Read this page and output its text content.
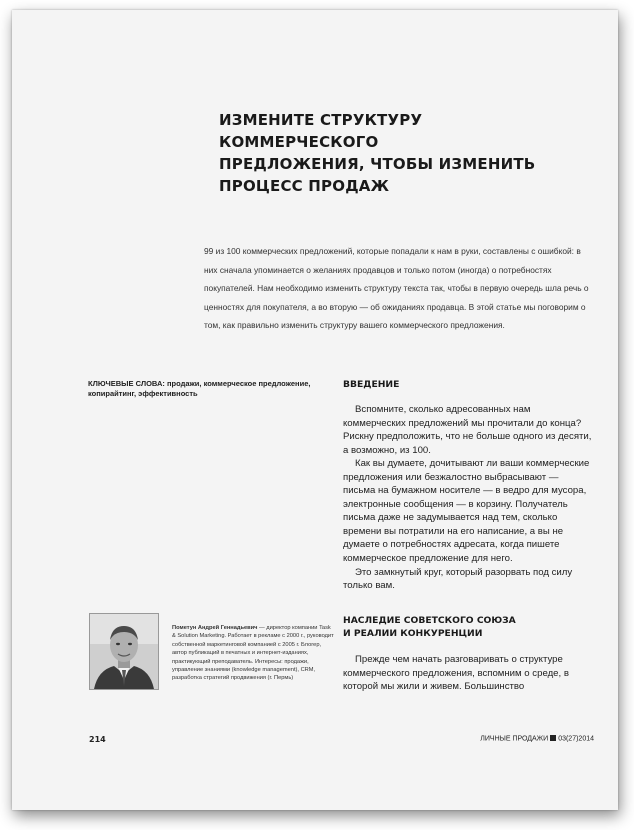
ИЗМЕНИТЕ СТРУКТУРУ КОММЕРЧЕСКОГО
ПРЕДЛОЖЕНИЯ, ЧТОБЫ ИЗМЕНИТЬ
ПРОЦЕСС ПРОДАЖ

99 из 100 коммерческих предложений, которые попадали к нам в руки, составлены с ошибкой: в них сначала упоминается о желаниях продавцов и только потом (иногда) о потребностях покупателей. Нам необходимо изменить структуру текста так, чтобы в первую очередь шла речь о ценностях для покупателя, а во вторую — об ожиданиях продавца. В этой статье мы поговорим о том, как правильно изменить структуру вашего коммерческого предложения.

КЛЮЧЕВЫЕ СЛОВА: продажи, коммерческое предложение, копирайтинг, эффективность
ВВЕДЕНИЕ

Вспомните, сколько адресованных нам коммерческих предложений мы прочитали до конца? Рискну предположить, что не больше одного из десяти, а возможно, из 100.

Как вы думаете, дочитывают ли ваши коммерческие предложения или безжалостно выбрасывают — письма на бумажном носителе — в ведро для мусора, электронные сообщения — в корзину. Получатель письма даже не задумывается над тем, сколько времени вы потратили на его написание, а вы не думаете о потребностях адресата, когда пишете коммерческое предложение для него.

Это замкнутый круг, который разорвать под силу только вам.

НАСЛЕДИЕ СОВЕТСКОГО СОЮЗА
И РЕАЛИИ КОНКУРЕНЦИИ

Прежде чем начать разговаривать о структуре коммерческого предложения, вспомним о среде, в которой мы жили и живем. Большинство

Пометун Андрей Геннадьевич — директор компании Task & Solution Marketing. Работает в рекламе с 2000 г., руководит собственной маркетинговой компанией с 2005 г. Блогер, автор публикаций в печатных и интернет-изданиях, практикующий преподаватель. Интересы: продажи, управление знаниями (knowledge management), CRM, разработка стратегий продвижения (г. Пермь)
214	ЛИЧНЫЕ ПРОДАЖИ 03(27)2014
